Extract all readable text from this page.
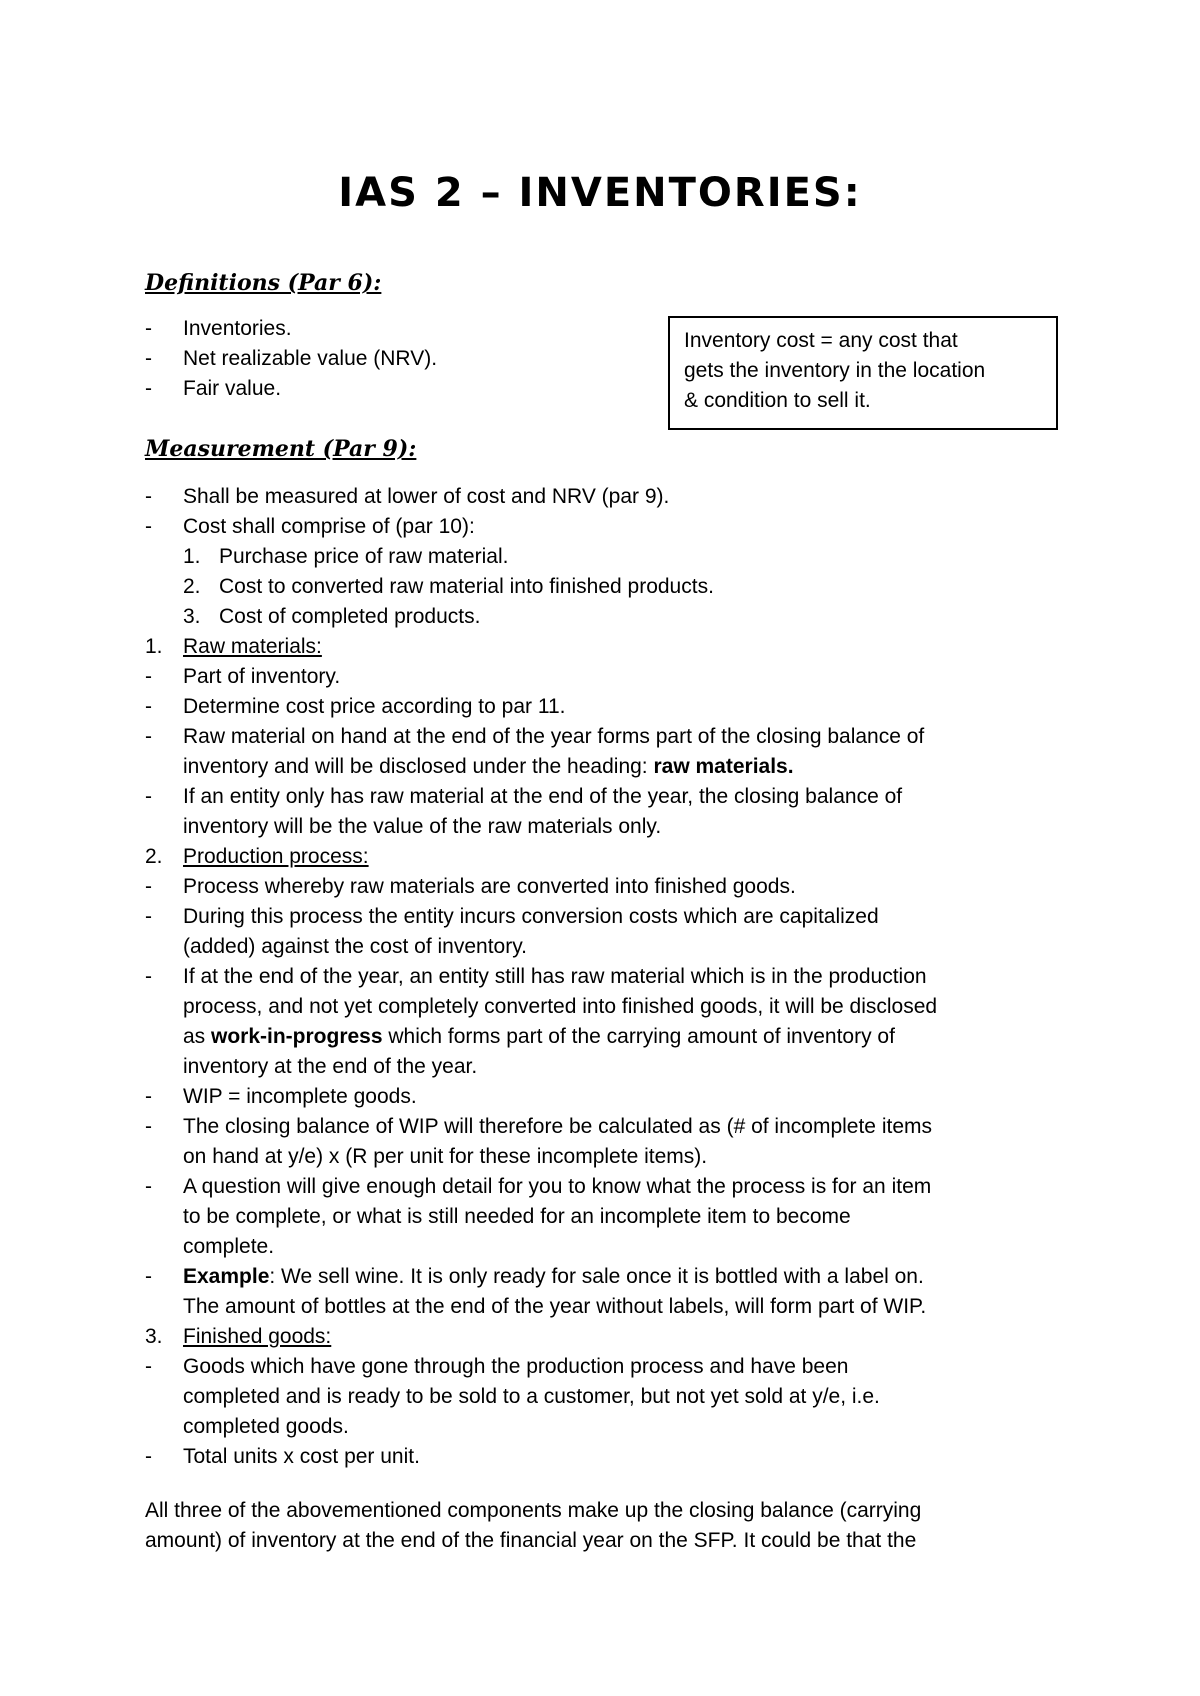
IAS 2 – INVENTORIES:
Definitions (Par 6):
- Inventories.
- Net realizable value (NRV).
- Fair value.
Inventory cost = any cost that
gets the inventory in the location
& condition to sell it.
Measurement (Par 9):
- Shall be measured at lower of cost and NRV (par 9).
- Cost shall comprise of (par 10):
1. Purchase price of raw material.
2. Cost to converted raw material into finished products.
3. Cost of completed products.
1. Raw materials:
- Part of inventory.
- Determine cost price according to par 11.
- Raw material on hand at the end of the year forms part of the closing balance of
inventory and will be disclosed under the heading: raw materials.
- If an entity only has raw material at the end of the year, the closing balance of
inventory will be the value of the raw materials only.
2. Production process:
- Process whereby raw materials are converted into finished goods.
- During this process the entity incurs conversion costs which are capitalized
(added) against the cost of inventory.
- If at the end of the year, an entity still has raw material which is in the production
process, and not yet completely converted into finished goods, it will be disclosed
as work-in-progress which forms part of the carrying amount of inventory of
inventory at the end of the year.
- WIP = incomplete goods.
- The closing balance of WIP will therefore be calculated as (# of incomplete items
on hand at y/e) x (R per unit for these incomplete items).
- A question will give enough detail for you to know what the process is for an item
to be complete, or what is still needed for an incomplete item to become
complete.
- Example: We sell wine. It is only ready for sale once it is bottled with a label on.
The amount of bottles at the end of the year without labels, will form part of WIP.
3. Finished goods:
- Goods which have gone through the production process and have been
completed and is ready to be sold to a customer, but not yet sold at y/e, i.e.
completed goods.
- Total units x cost per unit.
All three of the abovementioned components make up the closing balance (carrying
amount) of inventory at the end of the financial year on the SFP. It could be that the
